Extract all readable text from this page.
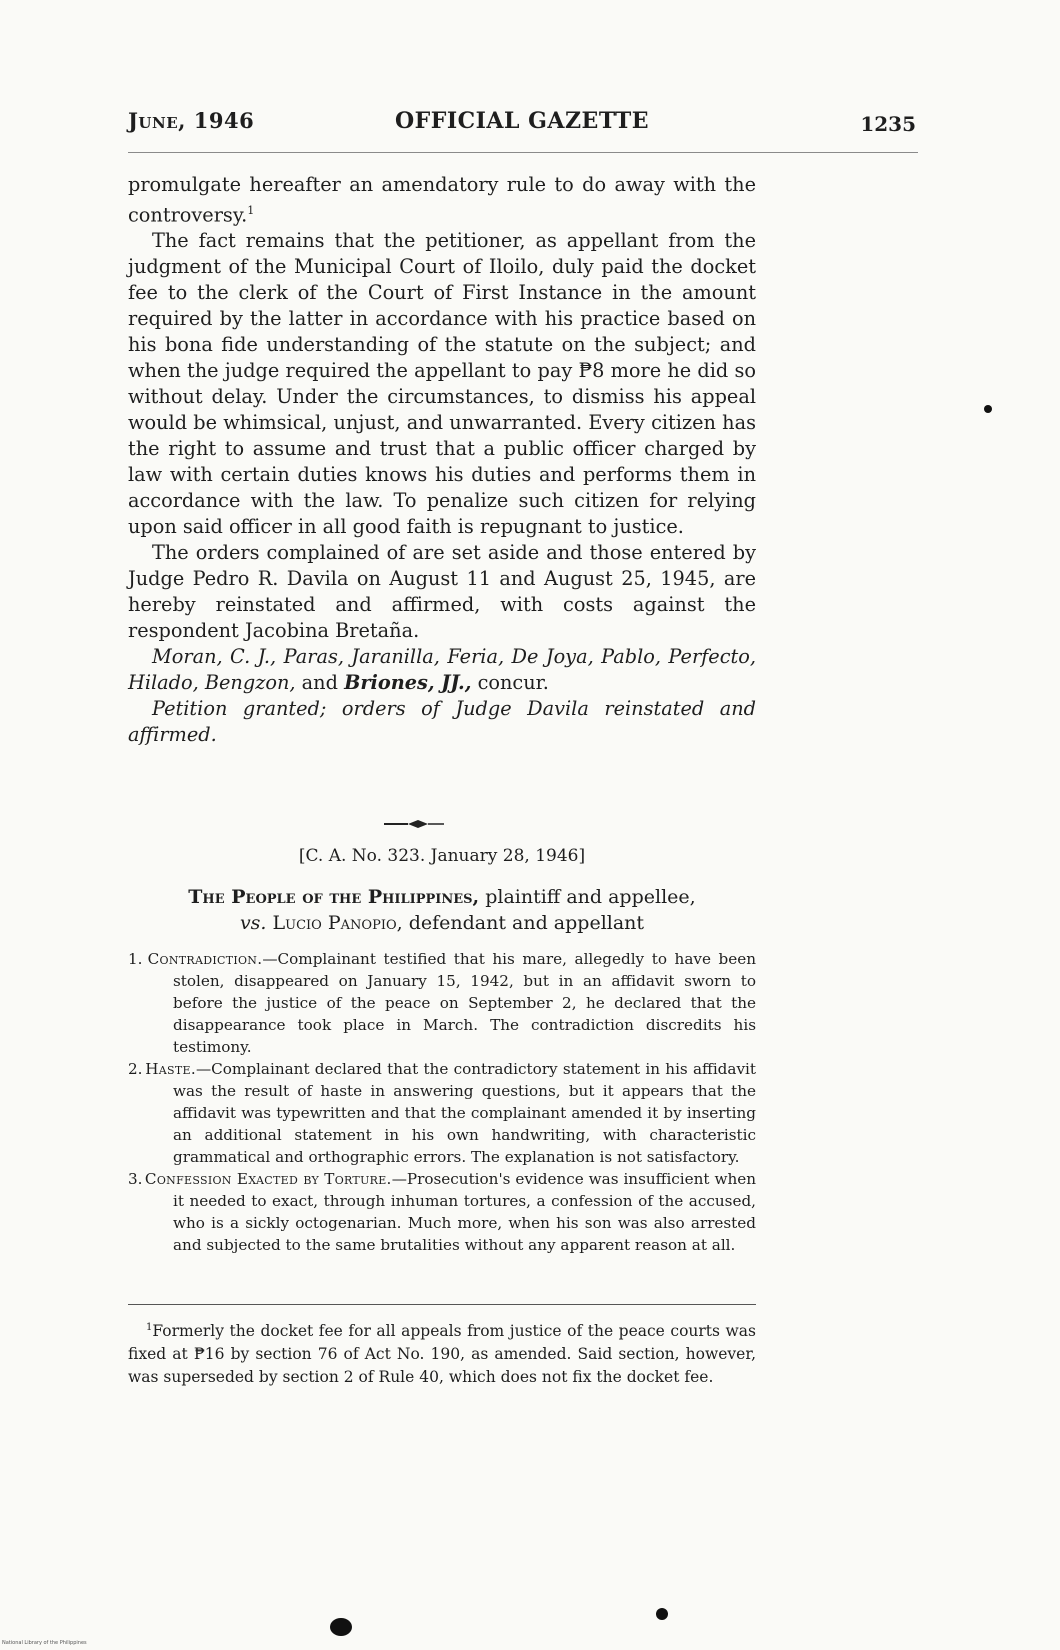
June, 1946	OFFICIAL GAZETTE	1235

promulgate hereafter an amendatory rule to do away with the controversy.$^1$

The fact remains that the petitioner, as appellant from the judgment of the Municipal Court of Iloilo, duly paid the docket fee to the clerk of the Court of First Instance in the amount required by the latter in accordance with his practice based on his bona fide understanding of the statute on the subject; and when the judge required the appellant to pay ₱8 more he did so without delay. Under the circumstances, to dismiss his appeal would be whimsical, unjust, and unwarranted. Every citizen has the right to assume and trust that a public officer charged by law with certain duties knows his duties and performs them in accordance with the law. To penalize such citizen for relying upon said officer in all good faith is repugnant to justice.

The orders complained of are set aside and those entered by Judge Pedro R. Davila on August 11 and August 25, 1945, are hereby reinstated and affirmed, with costs against the respondent Jacobina Bretaña.

Moran, C. J., Paras, Jaranilla, Feria, De Joya, Pablo, Perfecto, Hilado, Bengzon, and Briones, JJ., concur.

Petition granted; orders of Judge Davila reinstated and affirmed.

[C. A. No. 323. January 28, 1946]
The People of the Philippines, plaintiff and appellee,
vs. Lucio Panopio, defendant and appellant

1. Contradiction.—Complainant testified that his mare, allegedly to have been stolen, disappeared on January 15, 1942, but in an affidavit sworn to before the justice of the peace on September 2, he declared that the disappearance took place in March. The contradiction discredits his testimony.

2. Haste.—Complainant declared that the contradictory statement in his affidavit was the result of haste in answering questions, but it appears that the affidavit was typewritten and that the complainant amended it by inserting an additional statement in his own handwriting, with characteristic grammatical and orthographic errors. The explanation is not satisfactory.

3. Confession Exacted by Torture.—Prosecution's evidence was insufficient when it needed to exact, through inhuman tortures, a confession of the accused, who is a sickly octogenarian. Much more, when his son was also arrested and subjected to the same brutalities without any apparent reason at all.

$^1$Formerly the docket fee for all appeals from justice of the peace courts was fixed at ₱16 by section 76 of Act No. 190, as amended. Said section, however, was superseded by section 2 of Rule 40, which does not fix the docket fee.

National Library of the Philippines
